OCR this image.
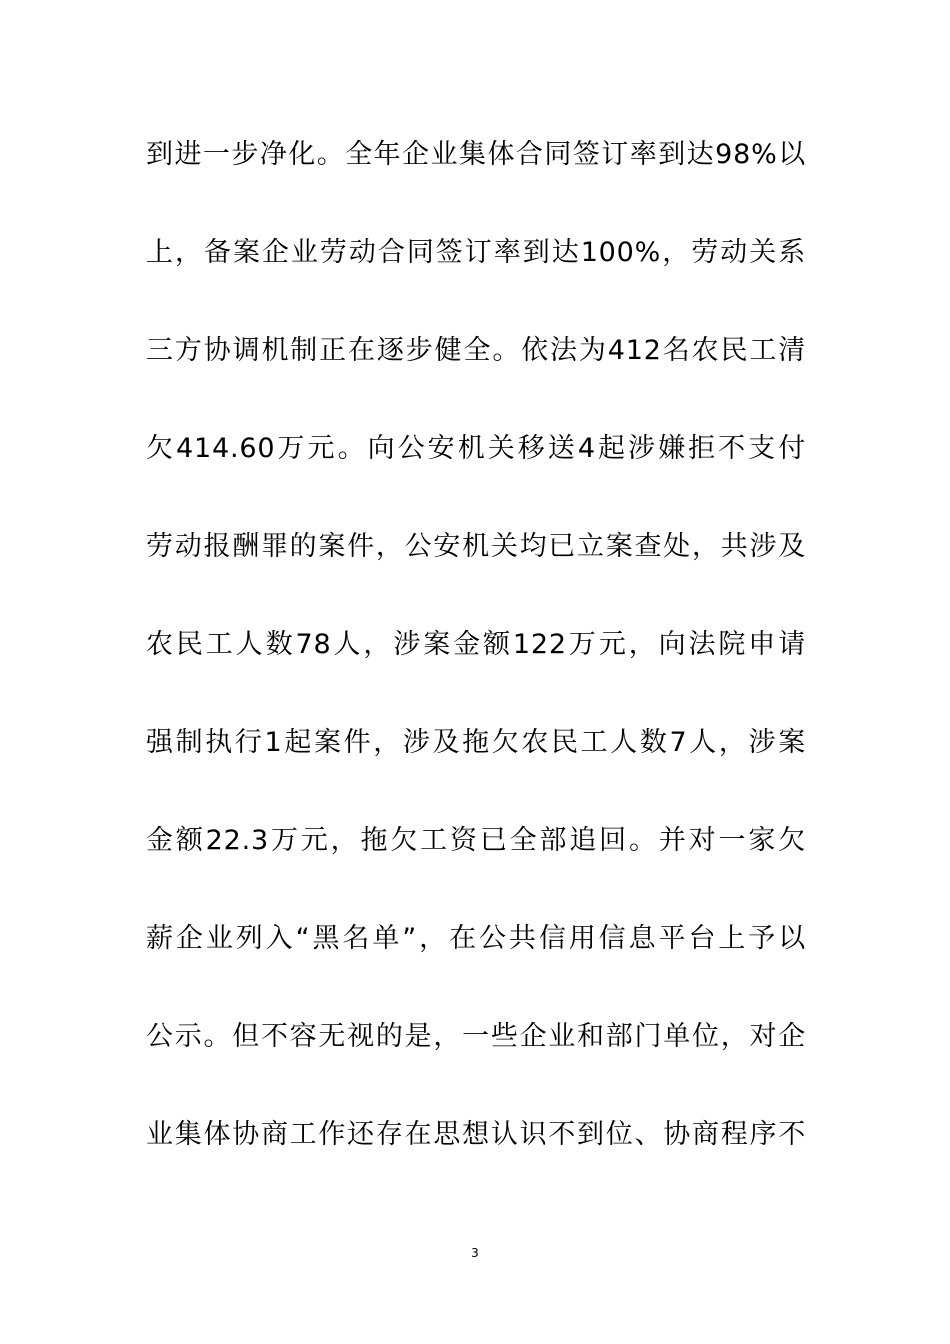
到进一步净化。全年企业集体合同签订率到达98%以
上，备案企业劳动合同签订率到达100%，劳动关系
三方协调机制正在逐步健全。依法为412名农民工清
欠414.60万元。向公安机关移送4起涉嫌拒不支付
劳动报酬罪的案件，公安机关均已立案查处，共涉及
农民工人数78人，涉案金额122万元，向法院申请
强制执行1起案件，涉及拖欠农民工人数7人，涉案
金额22.3万元，拖欠工资已全部追回。并对一家欠
薪企业列入“黑名单”，在公共信用信息平台上予以
公示。但不容无视的是，一些企业和部门单位，对企
业集体协商工作还存在思想认识不到位、协商程序不
3
